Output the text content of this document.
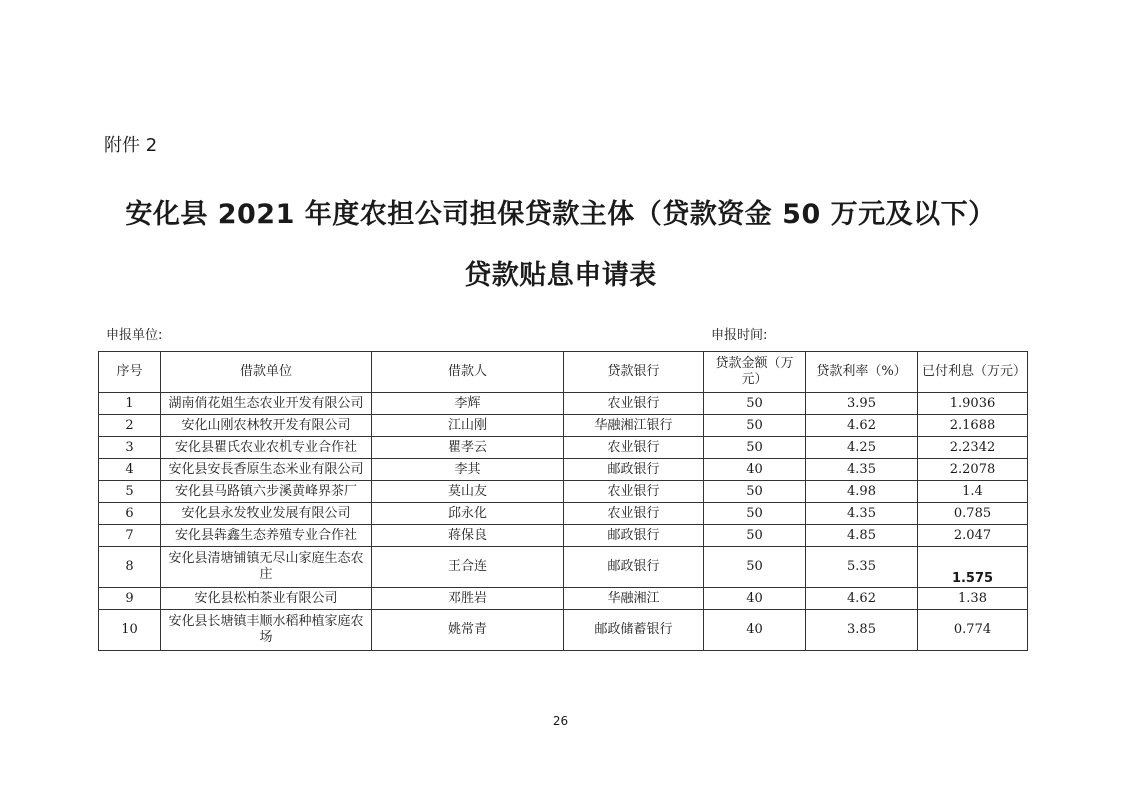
附件 2
安化县 2021 年度农担公司担保贷款主体（贷款资金 50 万元及以下）
贷款贴息申请表
申报单位:	申报时间:
序号	借款单位	借款人	贷款银行	贷款金额（万元）	贷款利率（%）	已付利息（万元）
1	湖南俏花姐生态农业开发有限公司	李辉	农业银行	50	3.95	1.9036
2	安化山刚农林牧开发有限公司	江山刚	华融湘江银行	50	4.62	2.1688
3	安化县瞿氏农业农机专业合作社	瞿孝云	农业银行	50	4.25	2.2342
4	安化县安長香原生态米业有限公司	李其	邮政银行	40	4.35	2.2078
5	安化县马路镇六步溪黄峰界茶厂	莫山友	农业银行	50	4.98	1.4
6	安化县永发牧业发展有限公司	邱永化	农业银行	50	4.35	0.785
7	安化县犇鑫生态养殖专业合作社	蒋保良	邮政银行	50	4.85	2.047
8	安化县清塘铺镇无尽山家庭生态农庄	王合连	邮政银行	50	5.35	1.575
9	安化县松柏茶业有限公司	邓胜岩	华融湘江	40	4.62	1.38
10	安化县长塘镇丰顺水稻种植家庭农场	姚常青	邮政储蓄银行	40	3.85	0.774
26
